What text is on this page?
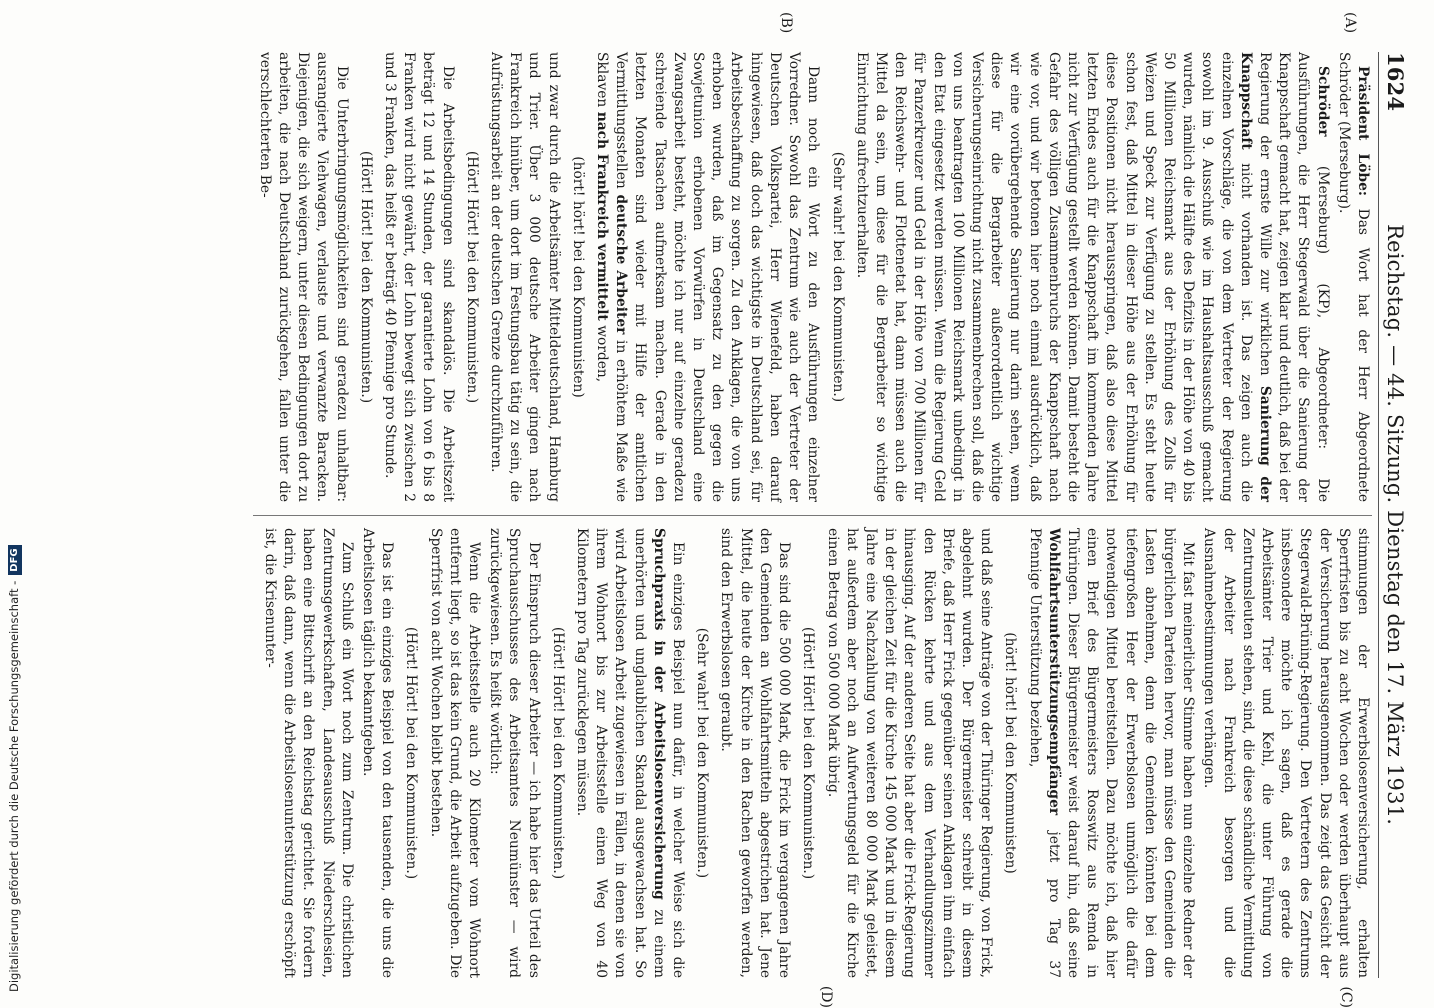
1624
Reichstag. — 44. Sitzung. Dienstag den 17. März 1931.

Präsident Löbe: Das Wort hat der Herr Abgeordnete Schröder (Merseburg).

Schröder (Merseburg) (KP), Abgeordneter: Die Ausführungen, die Herr Stegerwald über die Sanierung der Knappschaft gemacht hat, zeigen klar und deutlich, daß bei der Regierung der ernste Wille zur wirklichen Sanierung der Knappschaft nicht vorhanden ist. Das zeigen auch die einzelnen Vorschläge, die von dem Vertreter der Regierung sowohl im 9. Ausschuß wie im Haushaltsausschuß gemacht wurden, nämlich die Hälfte des Defizits in der Höhe von 40 bis 50 Millionen Reichsmark aus der Erhöhung des Zolls für Weizen und Speck zur Verfügung zu stellen. Es steht heute schon fest, daß Mittel in dieser Höhe aus der Erhöhung für diese Positionen nicht herausspringen, daß also diese Mittel letzten Endes auch für die Knappschaft im kommenden Jahre nicht zur Verfügung gestellt werden können. Damit besteht die Gefahr des völligen Zusammenbruchs der Knappschaft nach wie vor, und wir betonen hier noch einmal ausdrücklich, daß wir eine vorübergehende Sanierung nur darin sehen, wenn diese für die Bergarbeiter außerordentlich wichtige Versicherungseinrichtung nicht zusammenbrechen soll, daß die von uns beantragten 100 Millionen Reichsmark unbedingt in den Etat eingesetzt werden müssen. Wenn die Regierung Geld für Panzerkreuzer und Geld in der Höhe von 700 Millionen für den Reichswehr- und Flottenetat hat, dann müssen auch die Mittel da sein, um diese für die Bergarbeiter so wichtige Einrichtung aufrechtzuerhalten.

(Sehr wahr! bei den Kommunisten.)

Dann noch ein Wort zu den Ausführungen einzelner Vorredner. Sowohl das Zentrum wie auch der Vertreter der Deutschen Volkspartei, Herr Wienefeld, haben darauf hingewiesen, daß doch das wichtigste in Deutschland sei, für Arbeitsbeschaffung zu sorgen. Zu den Anklagen, die von uns erhoben wurden, daß im Gegensatz zu den gegen die Sowjetunion erhobenen Vorwürfen in Deutschland eine Zwangsarbeit besteht, möchte ich nur auf einzelne geradezu schreiende Tatsachen aufmerksam machen. Gerade in den letzten Monaten sind wieder mit Hilfe der amtlichen Vermittlungsstellen deutsche Arbeiter in erhöhtem Maße wie Sklaven nach Frankreich vermittelt worden,

(hört! hört! bei den Kommunisten)

und zwar durch die Arbeitsämter Mitteldeutschland, Hamburg und Trier. Über 3 000 deutsche Arbeiter gingen nach Frankreich hinüber, um dort im Festungsbau tätig zu sein, die Aufrüstungsarbeit an der deutschen Grenze durchzuführen.

(Hört! Hört! bei den Kommunisten.)

Die Arbeitsbedingungen sind skandalös. Die Arbeitszeit beträgt 12 und 14 Stunden, der garantierte Lohn von 6 bis 8 Franken wird nicht gewährt, der Lohn bewegt sich zwischen 2 und 3 Franken, das heißt er beträgt 40 Pfennige pro Stunde.

(Hört! Hört! bei den Kommunisten.)

Die Unterbringungsmöglichkeiten sind geradezu unhaltbar: ausrangierte Viehwagen, verlauste und verwanzte Baracken. Diejenigen, die sich weigern, unter diesen Bedingungen dort zu arbeiten, die nach Deutschland zurückgehen, fallen unter die verschlechterten Be-

stimmungen der Erwerbslosenversicherung, erhalten Sperrfristen bis zu acht Wochen oder werden überhaupt aus der Versicherung herausgenommen. Das zeigt das Gesicht der Stegerwald-Brüning-Regierung. Den Vertretern des Zentrums insbesondere möchte ich sagen, daß es gerade die Arbeitsämter Trier und Kehl, die unter Führung von Zentrumsleuten stehen, sind, die diese schändliche Vermittlung der Arbeiter nach Frankreich besorgen und die Ausnahmebestimmungen verhängen.

Mit fast meinerlicher Stimme haben nun einzelne Redner der bürgerlichen Parteien hervor, man müsse den Gemeinden die Lasten abnehmen, denn die Gemeinden könnten bei dem tiefengroßen Heer der Erwerbslosen unmöglich die dafür notwendigen Mittel bereitstellen. Dazu möchte ich, daß hier einen Brief des Bürgermeisters Rosswitz aus Remda in Thüringen. Dieser Bürgermeister weist darauf hin, daß seine Wohlfahrtsunterstützungsempfänger jetzt pro Tag 37 Pfennige Unterstützung beziehen,

(hört! hört! bei den Kommunisten)

und daß seine Anträge von der Thüringer Regierung, von Frick, abgelehnt wurden. Der Bürgermeister schreibt in diesem Briefe, daß Herr Frick gegenüber seinen Anklagen ihm einfach den Rücken kehrte und aus dem Verhandlungszimmer hinausging. Auf der anderen Seite hat aber die Frick-Regierung in der gleichen Zeit für die Kirche 145 000 Mark und in diesem Jahre eine Nachzahlung von weiteren 80 000 Mark geleistet, hat außerdem aber noch an Aufwertungsgeld für die Kirche einen Betrag von 500 000 Mark übrig.

(Hört! Hört! bei den Kommunisten.)

Das sind die 500 000 Mark, die Frick im vergangenen Jahre den Gemeinden an Wohlfahrtsmitteln abgestrichen hat. Jene Mittel, die heute der Kirche in den Rachen geworfen werden, sind den Erwerbslosen geraubt.

(Sehr wahr! bei den Kommunisten.)

Ein einziges Beispiel nun dafür, in welcher Weise sich die Spruchpraxis in der Arbeitslosenversicherung zu einem unerhörten und unglaublichen Skandal ausgewachsen hat. So wird Arbeitslosen Arbeit zugewiesen in Fällen, in denen sie von ihrem Wohnort bis zur Arbeitsstelle einen Weg von 40 Kilometern pro Tag zurücklegen müssen.

(Hört! Hört! bei den Kommunisten.)

Der Einspruch dieser Arbeiter — ich habe hier das Urteil des Spruchausschusses des Arbeitsamtes Neumünster — wird zurückgewiesen. Es heißt wörtlich:

Wenn die Arbeitsstelle auch 20 Kilometer vom Wohnort entfernt liegt, so ist das kein Grund, die Arbeit aufzugeben. Die Sperrfrist von acht Wochen bleibt bestehen.

(Hört! Hört! bei den Kommunisten.)

Das ist ein einziges Beispiel von den tausenden, die uns die Arbeitslosen täglich bekanntgeben.

Zum Schluß ein Wort noch zum Zentrum. Die christlichen Zentrumsgewerkschaften, Landesausschuß Niederschlesien, haben eine Bittschrift an den Reichstag gerichtet. Sie fordern darin, daß dann, wenn die Arbeitslosenunterstützung erschöpft ist, die Krisenunter-

(A)
(B)
(C)
(D)
Digitalisierung gefördert durch die Deutsche Forschungsgemeinschaft -DFG
